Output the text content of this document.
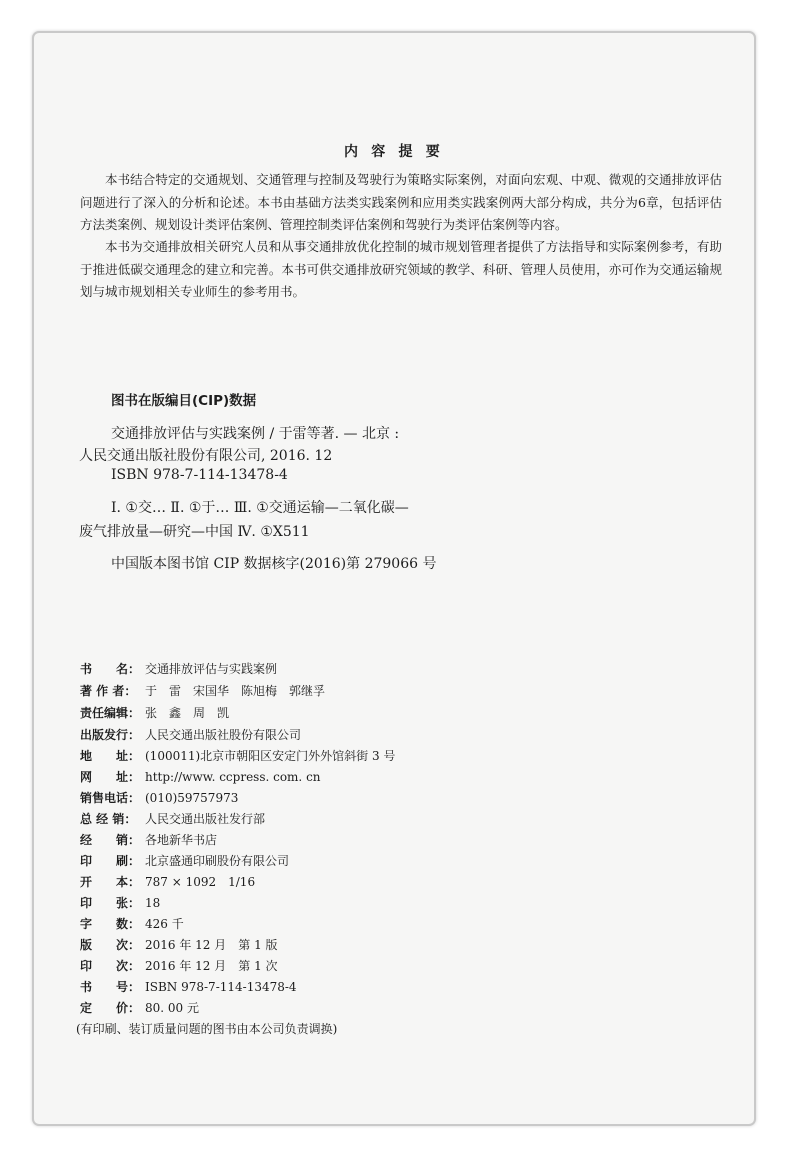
内 容 提 要
本书结合特定的交通规划、交通管理与控制及驾驶行为策略实际案例，对面向宏观、中观、微观的交通排放评估问题进行了深入的分析和论述。本书由基础方法类实践案例和应用类实践案例两大部分构成，共分为6章，包括评估方法类案例、规划设计类评估案例、管理控制类评估案例和驾驶行为类评估案例等内容。
本书为交通排放相关研究人员和从事交通排放优化控制的城市规划管理者提供了方法指导和实际案例参考，有助于推进低碳交通理念的建立和完善。本书可供交通排放研究领域的教学、科研、管理人员使用，亦可作为交通运输规划与城市规划相关专业师生的参考用书。
图书在版编目(CIP)数据
交通排放评估与实践案例 / 于雷等著. — 北京 :
人民交通出版社股份有限公司, 2016. 12
ISBN 978-7-114-13478-4
Ⅰ. ①交… Ⅱ. ①于… Ⅲ. ①交通运输—二氧化碳—
废气排放量—研究—中国 Ⅳ. ①X511
中国版本图书馆 CIP 数据核字(2016)第 279066 号
书　　名： 交通排放评估与实践案例
著 作 者： 于　雷　宋国华　陈旭梅　郭继孚
责任编辑： 张　鑫　周　凯
出版发行： 人民交通出版社股份有限公司
地　　址： (100011)北京市朝阳区安定门外外馆斜街 3 号
网　　址： http://www. ccpress. com. cn
销售电话： (010)59757973
总 经 销： 人民交通出版社发行部
经　　销： 各地新华书店
印　　刷： 北京盛通印刷股份有限公司
开　　本： 787 × 1092　1/16
印　　张： 18
字　　数： 426 千
版　　次： 2016 年 12 月　第 1 版
印　　次： 2016 年 12 月　第 1 次
书　　号： ISBN 978-7-114-13478-4
定　　价： 80. 00 元
(有印刷、装订质量问题的图书由本公司负责调换)
